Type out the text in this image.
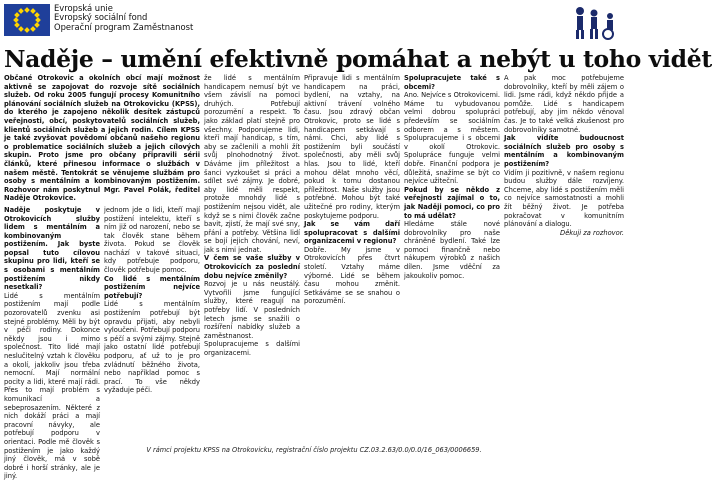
Evropská unie
Evropský sociální fond
Operační program Zaměstnanost
Naděje – umění efektivně pomáhat a nebýt u toho vidět

Občané Otrokovic a okolních obcí mají možnost aktivně se zapojovat do rozvoje sítě sociálních služeb. Od roku 2005 fungují procesy Komunitního plánování sociálních služeb na Otrokovicku (KPSS), do kterého je zapojeno několik desítek zástupců veřejnosti, obcí, poskytovatelů sociálních služeb, klientů sociálních služeb a jejich rodin. Cílem KPSS je také zvyšovat povědomí občanů našeho regionu o problematice sociálních služeb a jejich cílových skupin. Proto jsme pro občany připravili sérii článků, které přinesou informace o službách v našem městě. Tentokrát se věnujeme službám pro osoby s mentálním a kombinovaným postižením. Rozhovor nám poskytnul Mgr. Pavel Polák, ředitel Naděje Otrokovice.

Naděje poskytuje v Otrokovicích služby lidem s mentálním a kombinovaným postižením. Jak byste popsal tuto cílovou skupinu pro lidi, kteří se s osobami s mentálním postižením nikdy nesetkali?

Lidé s mentálním postižením mají podle pozorovatelů zvenku asi stejné problémy. Měli by být v péči rodiny. Dokonce někdy jsou i mimo společnost. Tito lidé mají neslučitelný vztah k člověku a okolí, jakkoliv jsou třeba nemocní. Mají normální pocity a lidi, které mají rádi. Přes to mají problém s komunikací a sebeprosazením. Některé z nich dokáží práci a mají pracovní návyky, ale potřebují podporu v orientaci. Podle mě člověk s postižením je jako každý jiný člověk, má v sobě dobré i horší stránky, ale je jiný.

jednom jde o lidi, kteří mají postižení intelektu, kteří s ním již od narození, nebo se tak člověk stane během života. Pokud se člověk nachází v takové situaci, kdy potřebuje podporu, člověk potřebuje pomoc.

Co lidé s mentálním postižením nejvíce potřebují?

Lidé s mentálním postižením potřebují být opravdu přijati, aby nebyli vyloučeni. Potřebují podporu s péčí a svými zájmy. Stejně jako ostatní lidé potřebují podporu, ať už to je pro zvládnutí běžného života, nebo například pomoc s prací. To vše někdy vyžaduje péči.

že lidé s mentálním handicapem nemusí být ve všem závislí na pomoci druhých. Potřebují porozumění a respekt. To jako základ platí stejně pro všechny. Podporujeme lidi, kteří mají handicap, s tím, aby se začlenili a mohli žít svůj plnohodnotný život. Dáváme jim příležitost a šanci vyzkoušet si práci a sdílet své zájmy. Je dobré, aby lidé měli respekt, protože mnohdy lidé s postižením nejsou vidět, ale když se s nimi člověk začne bavit, zjistí, že mají své sny, přání a potřeby. Většina lidí se bojí jejich chování, neví, jak s nimi jednat.

V čem se vaše služby v Otrokovicích za poslední dobu nejvíce změnily?

Rozvoj je u nás neustálý. Vytvořili jsme fungující služby, které reagují na potřeby lidí. V posledních letech jsme se snažili o rozšíření nabídky služeb a zaměstnanost. Spolupracujeme s dalšími organizacemi.

Připravuje lidi s mentálním handicapem na práci, bydlení, na vztahy, na aktivní trávení volného času. Jsou zdravý občan Otrokovic, proto se lidé s handicapem setkávají s námi. Chci, aby lidé s postižením byli součástí společnosti, aby měli svůj hlas. Jsou to lidé, kteří mohou dělat mnoho věcí, pokud k tomu dostanou příležitost. Naše služby jsou potřebné. Mohou být také užitečné pro rodiny, kterým poskytujeme podporu.

Jak se vám daří spolupracovat s dalšími organizacemi v regionu?

Dobře. My jsme v Otrokovicích přes čtvrt století. Vztahy máme výborné. Lidé se během času mohou změnit. Setkáváme se se snahou o porozumění.

Spolupracujete také s obcemi?

Ano. Nejvíce s Otrokovicemi. Máme tu vybudovanou velmi dobrou spolupráci především se sociálním odborem a s městem. Spolupracujeme i s obcemi v okolí Otrokovic. Spolupráce funguje velmi dobře. Finanční podpora je důležitá, snažíme se být co nejvíce užiteční.

Pokud by se někdo z veřejnosti zajímal o to, jak Naději pomoci, co pro to má udělat?

Hledáme stále nové dobrovolníky pro naše chráněné bydlení. Také lze pomoci finančně nebo nákupem výrobků z našich dílen. Jsme vděční za jakoukoliv pomoc.

A pak moc potřebujeme dobrovolníky, kteří by měli zájem o lidi. Jsme rádi, když někdo přijde a pomůže. Lidé s handicapem potřebují, aby jim někdo věnoval čas. Je to také velká zkušenost pro dobrovolníky samotné.

Jak vidíte budoucnost sociálních služeb pro osoby s mentálním a kombinovaným postižením?

Vidím ji pozitivně, v našem regionu budou služby dále rozvíjeny. Chceme, aby lidé s postižením měli co nejvíce samostatnosti a mohli žít běžný život. Je potřeba pokračovat v komunitním plánování a dialogu.

Děkuji za rozhovor.

V rámci projektu KPSS na Otrokovicku, registrační číslo projektu CZ.03.2.63/0.0/0.0/16_063/0006659.
